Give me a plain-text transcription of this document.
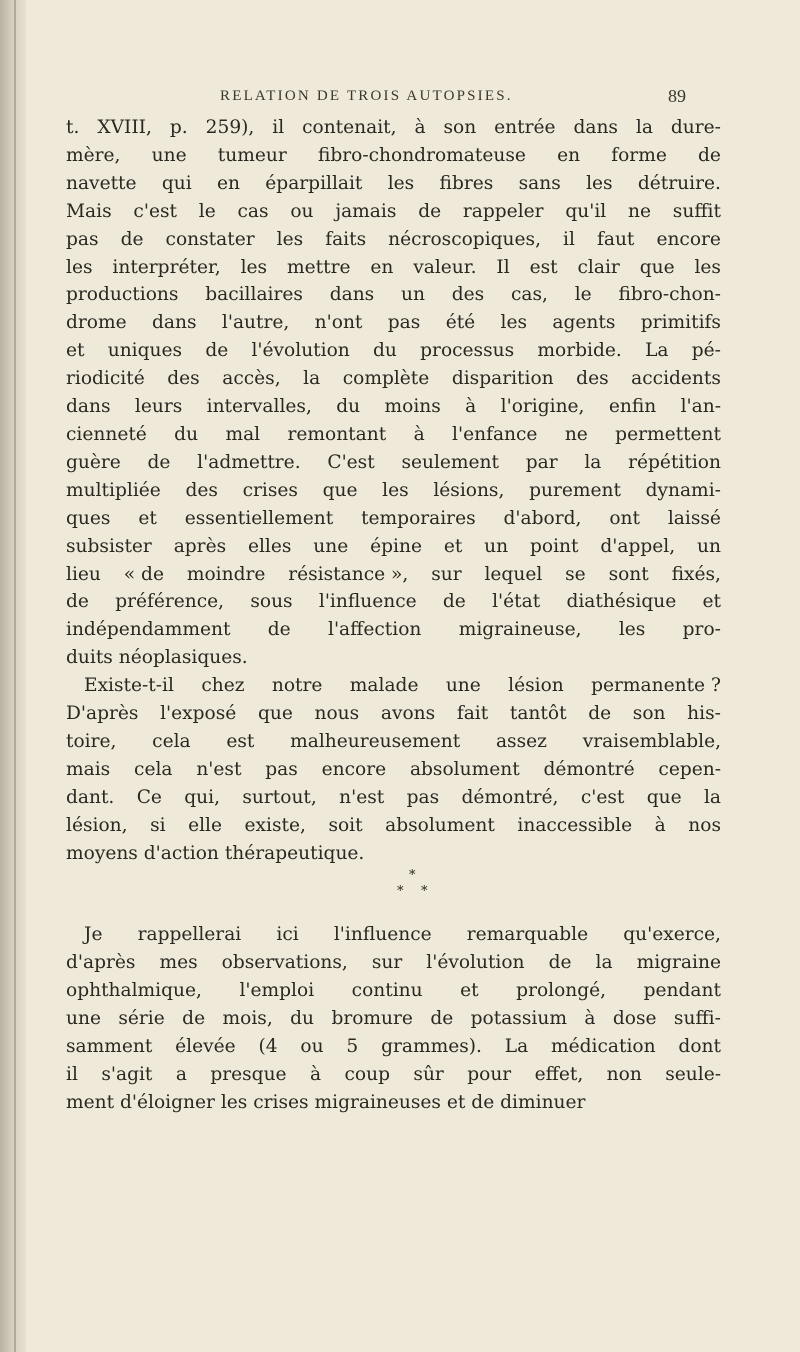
RELATION DE TROIS AUTOPSIES.	89
t. XVIII, p. 259), il contenait, à son entrée dans la dure-
mère, une tumeur fibro-chondromateuse en forme de
navette qui en éparpillait les fibres sans les détruire.
Mais c'est le cas ou jamais de rappeler qu'il ne suffit
pas de constater les faits nécroscopiques, il faut encore
les interpréter, les mettre en valeur. Il est clair que les
productions bacillaires dans un des cas, le fibro-chon-
drome dans l'autre, n'ont pas été les agents primitifs
et uniques de l'évolution du processus morbide. La pé-
riodicité des accès, la complète disparition des accidents
dans leurs intervalles, du moins à l'origine, enfin l'an-
cienneté du mal remontant à l'enfance ne permettent
guère de l'admettre. C'est seulement par la répétition
multipliée des crises que les lésions, purement dynami-
ques et essentiellement temporaires d'abord, ont laissé
subsister après elles une épine et un point d'appel, un
lieu « de moindre résistance », sur lequel se sont fixés,
de préférence, sous l'influence de l'état diathésique et
indépendamment de l'affection migraineuse, les pro-
duits
néoplasiques.
Existe-t-il chez notre malade une lésion permanente ?
D'après l'exposé que nous avons fait tantôt de son his-
toire, cela est malheureusement assez vraisemblable,
mais cela n'est pas encore absolument démontré cepen-
dant. Ce qui, surtout, n'est pas démontré, c'est que la
lésion, si elle existe, soit absolument inaccessible à nos
moyens
d'action
thérapeutique.
*
* *
Je rappellerai ici l'influence remarquable qu'exerce,
d'après mes observations, sur l'évolution de la migraine
ophthalmique, l'emploi continu et prolongé, pendant
une série de mois, du bromure de potassium à dose suffi-
samment élevée (4 ou 5 grammes). La médication dont
il s'agit a presque à coup sûr pour effet, non seule-
ment
d'éloigner
les
crises
migraineuses
et
de
diminuer
